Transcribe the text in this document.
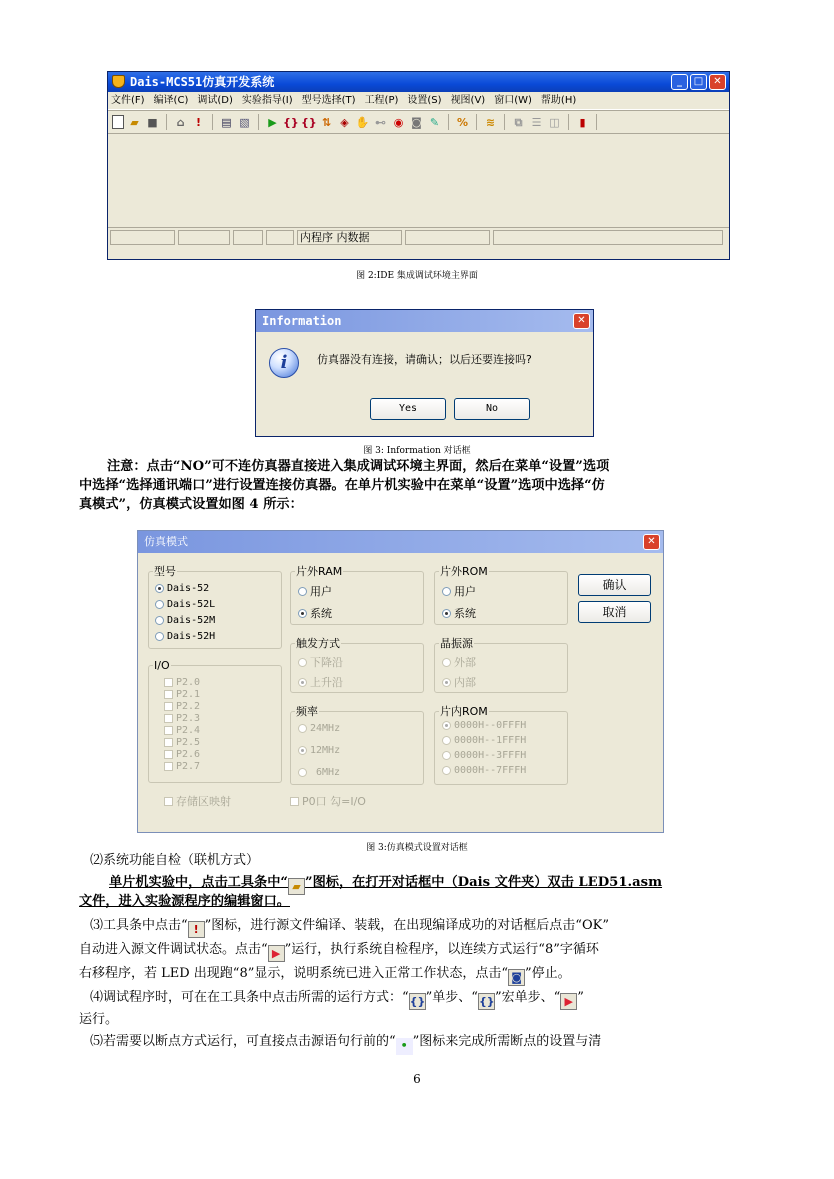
Dais-MCS51仿真开发系统	_	□	✕
文件(F) 编译(C) 调试(D) 实验指导(I) 型号选择(T) 工程(P) 设置(S) 视图(V) 窗口(W) 帮助(H)
▰ ■	⌂	!	▤ ▧ ▶ {} {} ⇅ ◈ ✋ ⊷ ◉ ◙ ✎ % ≋	⧉ ☰ ◫	▮
内程序 内数据
图 2:IDE 集成调试环境主界面
Information	✕
i	仿真器没有连接，请确认；以后还要连接吗?
Yes	No
图 3: Information 对话框
注意：点击“NO”可不连仿真器直接进入集成调试环境主界面，然后在菜单“设置”选项
中选择“选择通讯端口”进行设置连接仿真器。在单片机实验中在菜单“设置”选项中选择“仿
真模式”，仿真模式设置如图 4 所示：
仿真模式	✕
型号
Dais-52
Dais-52L
Dais-52M
Dais-52H
I/O
P2.0
P2.1
P2.2
P2.3
P2.4
P2.5
P2.6
P2.7
存储区映射
片外RAM
用户
系统
片外ROM
用户
系统
确认
取消
触发方式
下降沿
上升沿
晶振源
外部
内部
频率
24MHz
12MHz
6MHz
片内ROM
0000H--0FFFH
0000H--1FFFH
0000H--3FFFH
0000H--7FFFH
P0口 勾=I/O
图 3:仿真模式设置对话框
⑵系统功能自检（联机方式）
单片机实验中，点击工具条中“ ▰ ”图标，在打开对话框中（Dais 文件夹）双击 LED51.asm
文件，进入实验源程序的编辑窗口。
⑶工具条中点击“ ! ”图标，进行源文件编译、装载，在出现编译成功的对话框后点击“OK”
自动进入源文件调试状态。点击“ ▶ ”运行，执行系统自检程序，以连续方式运行“8”字循环
右移程序，若 LED 出现跑“8”显示，说明系统已进入正常工作状态，点击“ ◙ ”停止。
⑷调试程序时，可在在工具条中点击所需的运行方式：“{}”单步、“{}”宏单步、“ ▶ ”
运行。
⑸若需要以断点方式运行，可直接点击源语句行前的“ • ”图标来完成所需断点的设置与清
6
